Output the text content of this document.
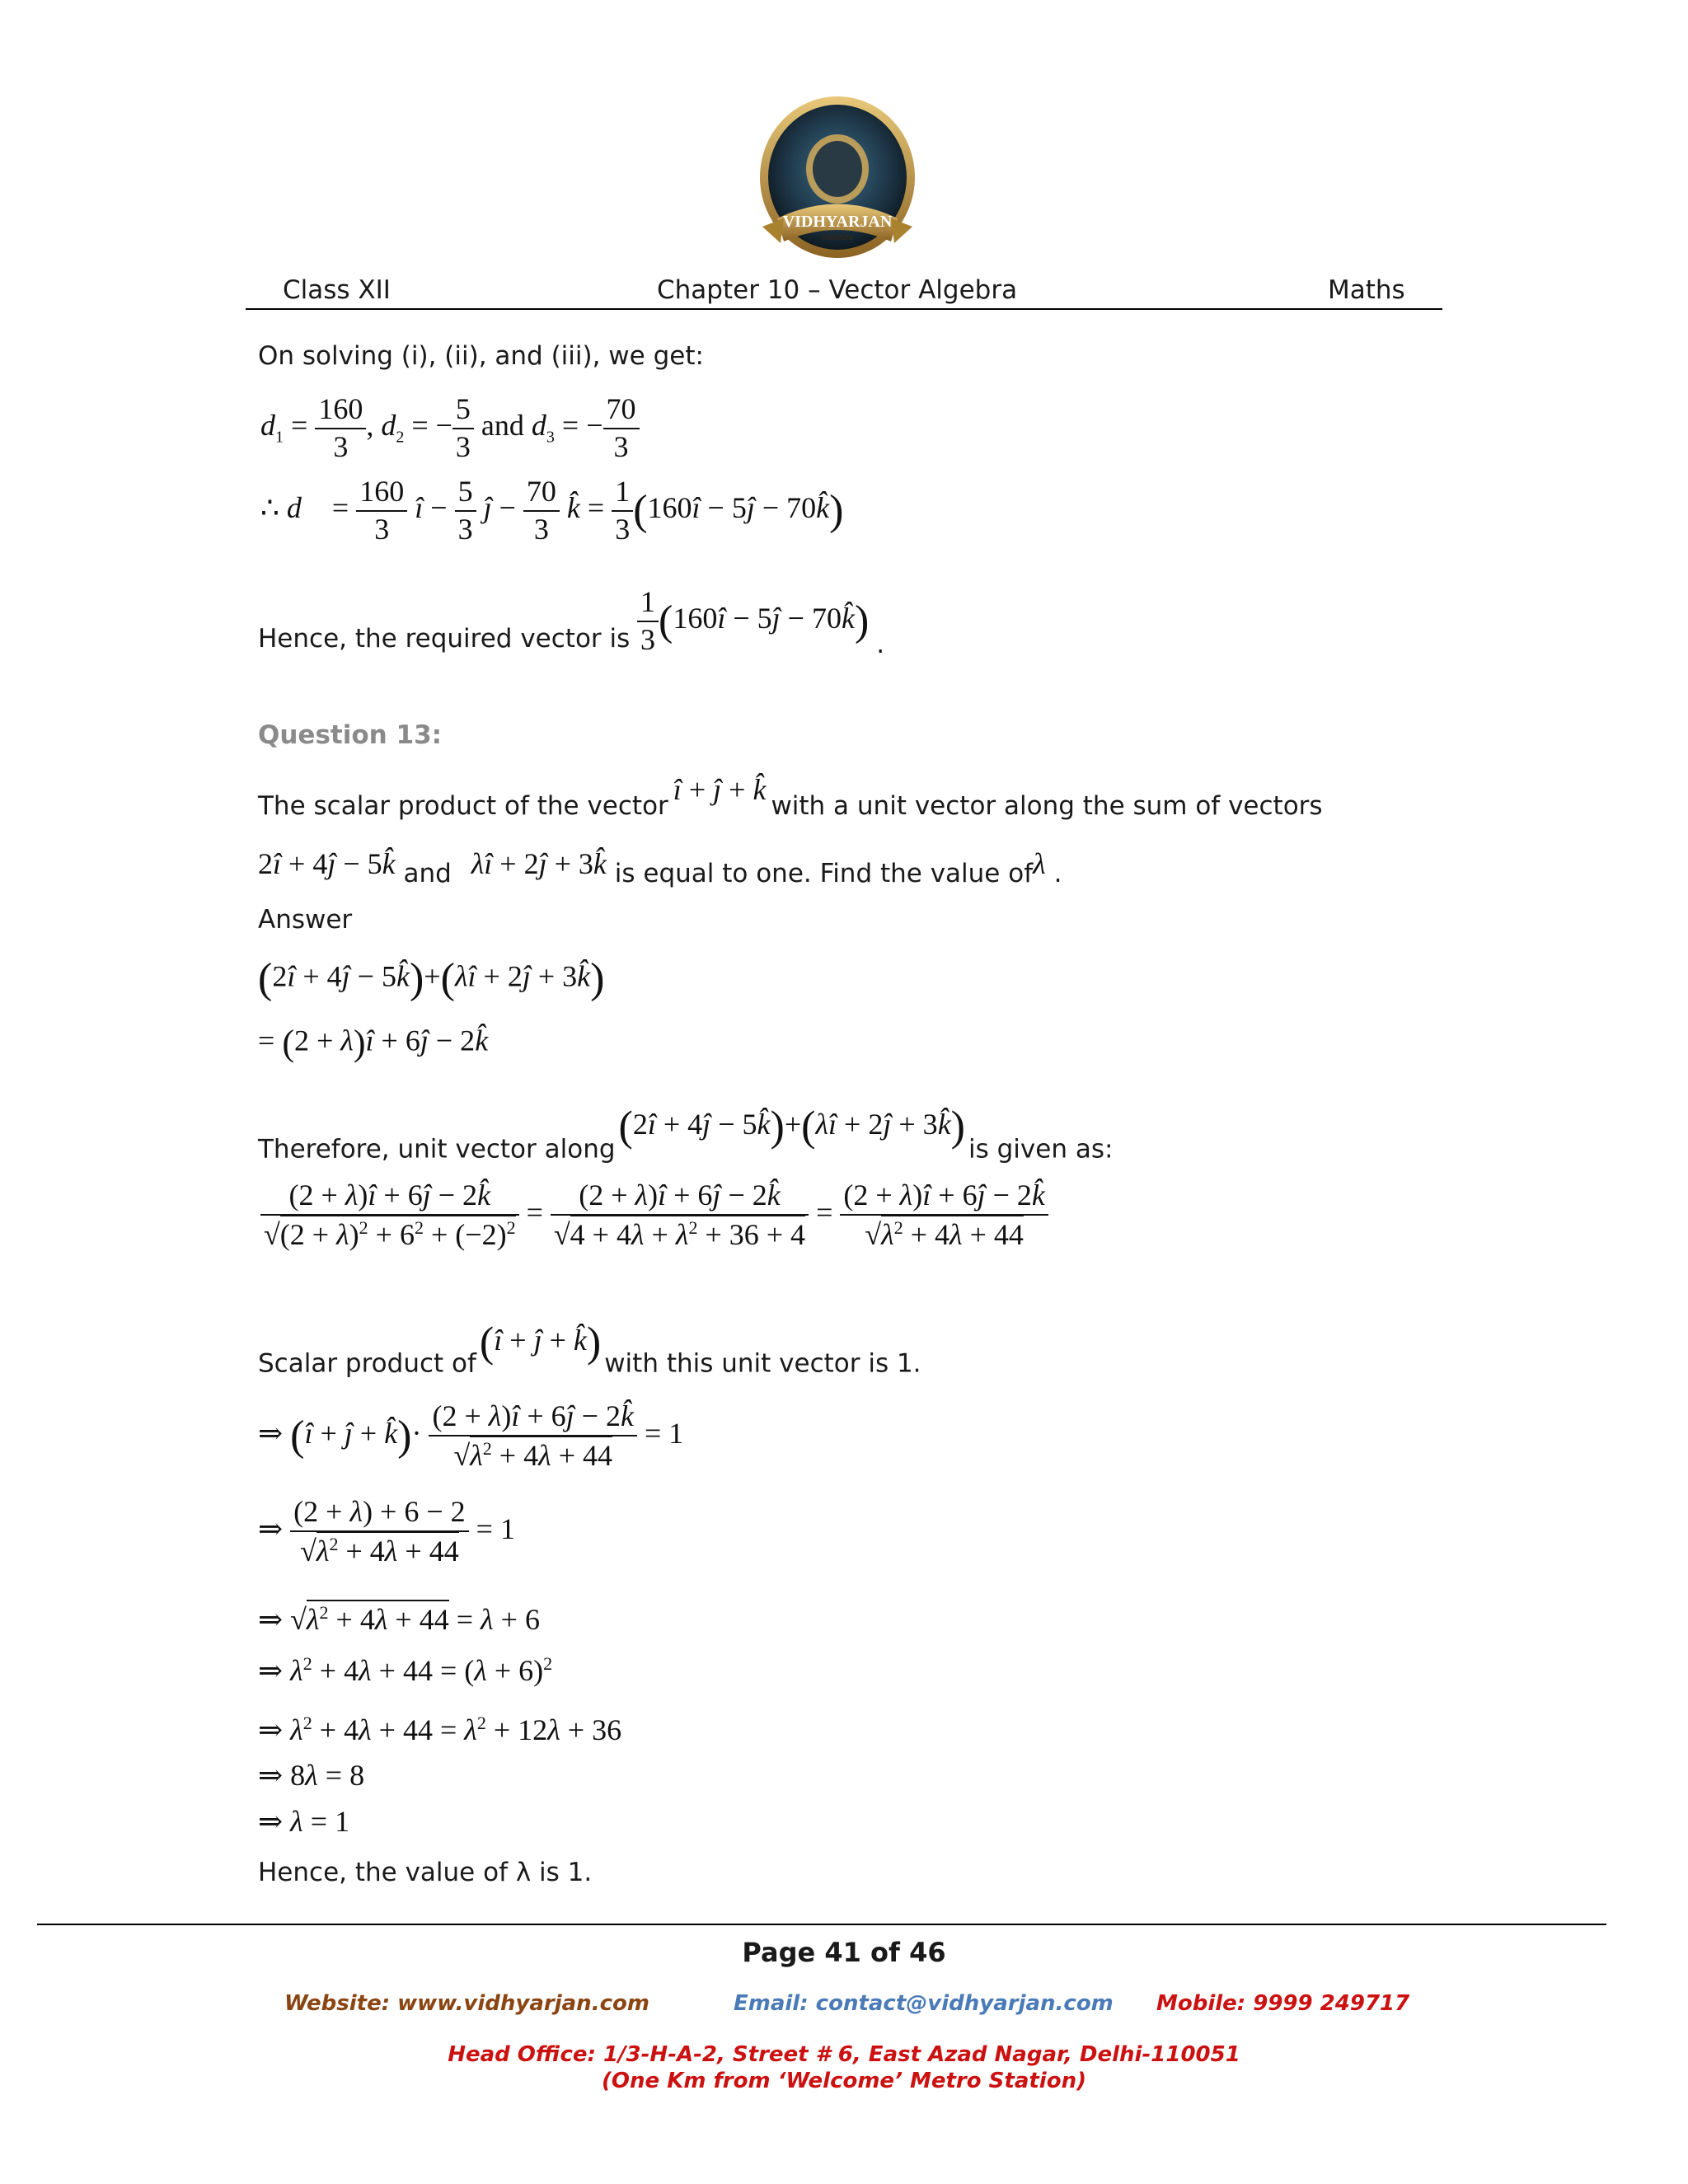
VIDHYARJAN
Institute
Class XII	Chapter 10 – Vector Algebra	Maths
On solving (i), (ii), and (iii), we get:
$d_1 = \frac{160}{3}$ , $d_2$ = − $\frac{5}{3}$ and $d_3$ = − $\frac{70}{3}$
∴ d⃗ = $\frac{160}{3}$ î − $\frac{5}{3}$ ĵ − $\frac{70}{3}$ k̂ = $\frac{1}{3}$ (160î − 5ĵ − 70k̂)
Hence, the required vector is $\frac{1}{3}$ (160î − 5ĵ − 70k̂) .
Question 13:
The scalar product of the vector î + ĵ + k̂ with a unit vector along the sum of vectors
2î + 4ĵ − 5k̂ and λî + 2ĵ + 3k̂ is equal to one. Find the value ofλ .
Answer
(2î + 4ĵ − 5k̂)+(λî + 2ĵ + 3k̂)
= (2 + λ)î + 6ĵ − 2k̂
Therefore, unit vector along(2î + 4ĵ − 5k̂)+(λî + 2ĵ + 3k̂) is given as:
$\frac{(2 + \lambda)î + 6ĵ - 2k̂}{√(2 + \lambda)^2 + 6^2 + (-2)^2} = \frac{(2 + \lambda)î + 6ĵ - 2k̂}{√4 + 4\lambda + \lambda^2 + 36 + 4} = \frac{(2 + \lambda)î + 6ĵ - 2k̂}{√\lambda^2 + 4\lambda + 44}$
Scalar product of(î + ĵ + k̂) with this unit vector is 1.
⇒ (î + ĵ + k̂)· $\frac{(2 + \lambda)î + 6ĵ - 2k̂}{√\lambda^2 + 4\lambda + 44} = 1$
⇒ $\frac{(2 + \lambda) + 6 - 2}{√\lambda^2 + 4\lambda + 44} = 1$
⇒ $√\lambda^2 + 4\lambda + 44 = \lambda + 6$
⇒ $\lambda^2 + 4\lambda + 44 = (\lambda + 6)^2$
⇒ $\lambda^2 + 4\lambda + 44 = \lambda^2 + 12\lambda + 36$
⇒ 8λ = 8
⇒ λ = 1
Hence, the value of λ is 1.
Page 41 of 46
Website: www.vidhyarjan.com	Email: contact@vidhyarjan.com Mobile: 9999 249717
Head Office: 1/3-H-A-2, Street # 6, East Azad Nagar, Delhi-110051
(One Km from ‘Welcome’ Metro Station)
